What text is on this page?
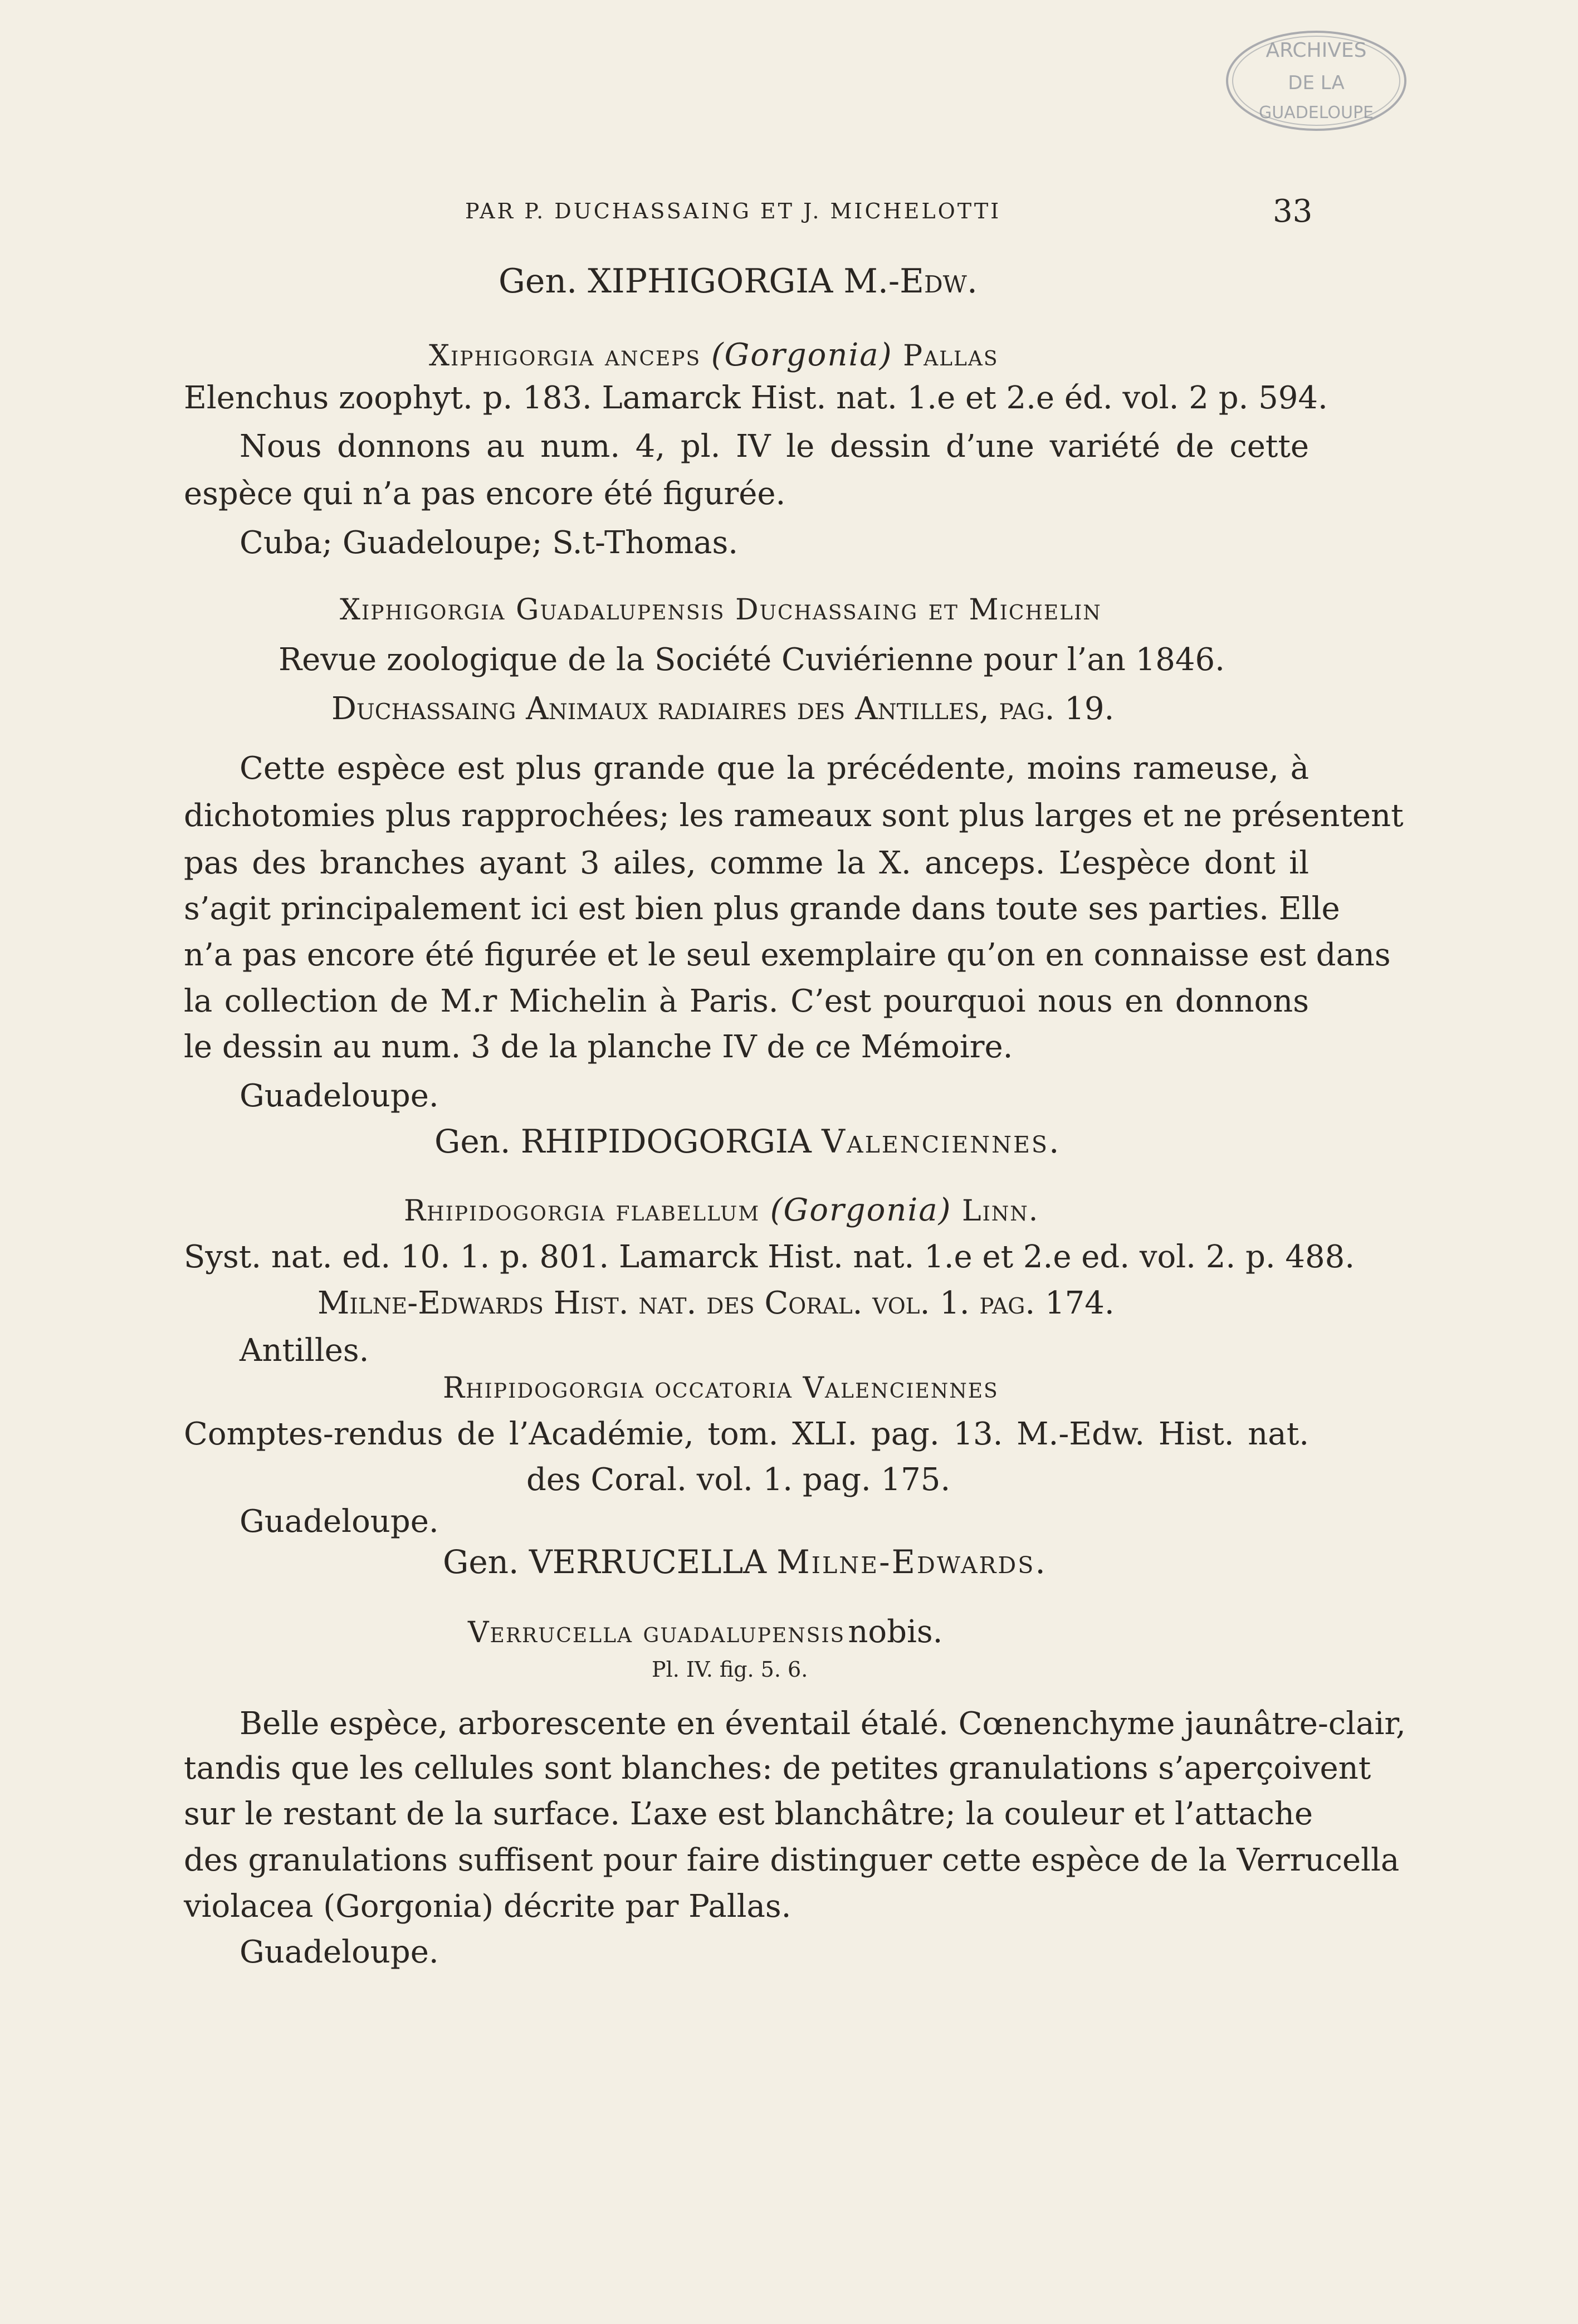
ARCHIVES
DE LA
GUADELOUPE
PAR P. DUCHASSAING ET J. MICHELOTTI	33
Gen. XIPHIGORGIA M.-Edw.
Xiphigorgia anceps (Gorgonia) Pallas
Elenchus zoophyt. p. 183. Lamarck Hist. nat. 1.e et 2.e éd. vol. 2 p. 594.
Nous donnons au num. 4, pl. IV le dessin d’une variété de cette
espèce qui n’a pas encore été figurée.
Cuba; Guadeloupe; S.t-Thomas.
Xiphigorgia Guadalupensis Duchassaing et Michelin
Revue zoologique de la Société Cuviérienne pour l’an 1846.
Duchassaing Animaux radiaires des Antilles, pag. 19.
Cette espèce est plus grande que la précédente, moins rameuse, à
dichotomies plus rapprochées; les rameaux sont plus larges et ne présentent
pas des branches ayant 3 ailes, comme la X. anceps. L’espèce dont il
s’agit principalement ici est bien plus grande dans toute ses parties. Elle
n’a pas encore été figurée et le seul exemplaire qu’on en connaisse est dans
la collection de M.r Michelin à Paris. C’est pourquoi nous en donnons
le dessin au num. 3 de la planche IV de ce Mémoire.
Guadeloupe.
Gen. RHIPIDOGORGIA Valenciennes.
Rhipidogorgia flabellum (Gorgonia) Linn.
Syst. nat. ed. 10. 1. p. 801. Lamarck Hist. nat. 1.e et 2.e ed. vol. 2. p. 488.
Milne-Edwards Hist. nat. des Coral. vol. 1. pag. 174.
Antilles.
Rhipidogorgia occatoria Valenciennes
Comptes-rendus de l’Académie, tom. XLI. pag. 13. M.-Edw. Hist. nat.
des Coral. vol. 1. pag. 175.
Guadeloupe.
Gen. VERRUCELLA Milne-Edwards.
Verrucella guadalupensis nobis.
Pl. IV. fig. 5. 6.
Belle espèce, arborescente en éventail étalé. Cœnenchyme jaunâtre-clair,
tandis que les cellules sont blanches: de petites granulations s’aperçoivent
sur le restant de la surface. L’axe est blanchâtre; la couleur et l’attache
des granulations suffisent pour faire distinguer cette espèce de la Verrucella
violacea (Gorgonia) décrite par Pallas.
Guadeloupe.
